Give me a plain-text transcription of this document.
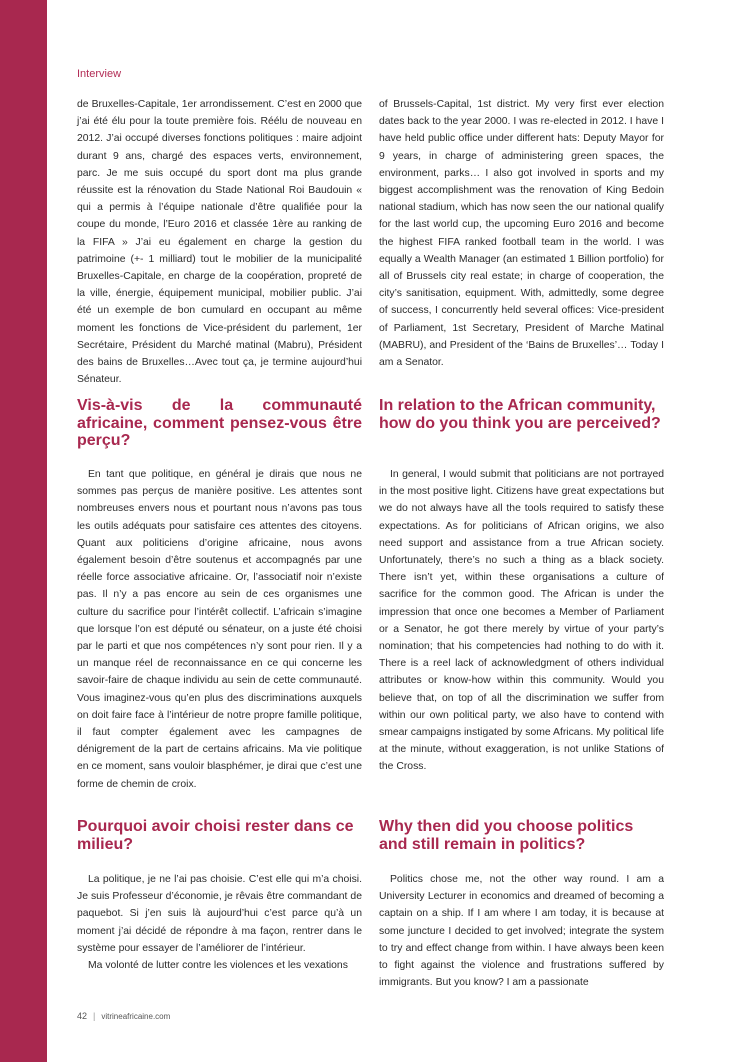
Interview

de Bruxelles-Capitale, 1er arrondissement. C’est en 2000 que j’ai été élu pour la toute première fois. Réélu de nouveau en 2012. J’ai occupé diverses fonctions politiques : maire adjoint durant 9 ans, chargé des espaces verts, environnement, parc. Je me suis occupé du sport dont ma plus grande réussite est la rénovation du Stade National Roi Baudouin « qui a permis à l’équipe nationale d’être qualifiée pour la coupe du monde, l’Euro 2016 et classée 1ère au ranking de la FIFA » J’ai eu également en charge la gestion du patrimoine (+- 1 milliard) tout le mobilier de la municipalité Bruxelles-Capitale, en charge de la coopération, propreté de la ville, énergie, équipement municipal, mobilier public. J’ai été un exemple de bon cumulard en occupant au même moment les fonctions de Vice-président du parlement, 1er Secrétaire, Président du Marché matinal (Mabru), Président des bains de Bruxelles…Avec tout ça, je termine aujourd’hui Sénateur.

of Brussels-Capital, 1st district. My very first ever election dates back to the year 2000. I was re-elected in 2012. I have I have held public office under different hats: Deputy Mayor for 9 years, in charge of administering green spaces, the environment, parks… I also got involved in sports and my biggest accomplishment was the renovation of King Bedoin national stadium, which has now seen the our national qualify for the last world cup, the upcoming Euro 2016 and become the highest FIFA ranked football team in the world. I was equally a Wealth Manager (an estimated 1 Billion portfolio) for all of Brussels city real estate; in charge of cooperation, the city’s sanitisation, equipment. With, admittedly, some degree of success, I concurrently held several offices: Vice-president of Parliament, 1st Secretary, President of Marche Matinal (MABRU), and President of the ‘Bains de Bruxelles’… Today I am a Senator.

Vis-à-vis de la communauté africaine, comment pensez-vous être perçu?
In relation to the African community, how do you think you are perceived?

En tant que politique, en général je dirais que nous ne sommes pas perçus de manière positive. Les attentes sont nombreuses envers nous et pourtant nous n’avons pas tous les outils adéquats pour satisfaire ces attentes des citoyens. Quant aux politiciens d’origine africaine, nous avons également besoin d’être soutenus et accompagnés par une réelle force associative africaine. Or, l’associatif noir n’existe pas. Il n’y a pas encore au sein de ces organismes une culture du sacrifice pour l’intérêt collectif. L’africain s’imagine que lorsque l’on est député ou sénateur, on a juste été choisi par le parti et que nos compétences n’y sont pour rien. Il y a un manque réel de reconnaissance en ce qui concerne les savoir-faire de chaque individu au sein de cette communauté. Vous imaginez-vous qu’en plus des discriminations auxquels on doit faire face à l’intérieur de notre propre famille politique, il faut compter également avec les campagnes de dénigrement de la part de certains africains. Ma vie politique en ce moment, sans vouloir blasphémer, je dirai que c’est une forme de chemin de croix.

In general, I would submit that politicians are not portrayed in the most positive light. Citizens have great expectations but we do not always have all the tools required to satisfy these expectations. As for politicians of African origins, we also need support and assistance from a true African society. Unfortunately, there’s no such a thing as a black society. There isn’t yet, within these organisations a culture of sacrifice for the common good. The African is under the impression that once one becomes a Member of Parliament or a Senator, he got there merely by virtue of your party’s nomination; that his competencies had nothing to do with it. There is a reel lack of acknowledgment of others individual attributes or know-how within this community. Would you believe that, on top of all the discrimination we suffer from within our own political party, we also have to contend with smear campaigns instigated by some Africans. My political life at the minute, without exaggeration, is not unlike Stations of the Cross.

Pourquoi avoir choisi rester dans ce milieu?
Why then did you choose politics and still remain in politics?

La politique, je ne l’ai pas choisie. C’est elle qui m’a choisi. Je suis Professeur d’économie, je rêvais être commandant de paquebot. Si j’en suis là aujourd’hui c’est parce qu’à un moment j’ai décidé de répondre à ma façon, rentrer dans le système pour essayer de l’améliorer de l’intérieur.

Ma volonté de lutter contre les violences et les vexations

Politics chose me, not the other way round. I am a University Lecturer in economics and dreamed of becoming a captain on a ship. If I am where I am today, it is because at some juncture I decided to get involved; integrate the system to try and effect change from within. I have always been keen to fight against the violence and frustrations suffered by immigrants. But you know? I am a passionate

42 | vitrineafricaine.com
